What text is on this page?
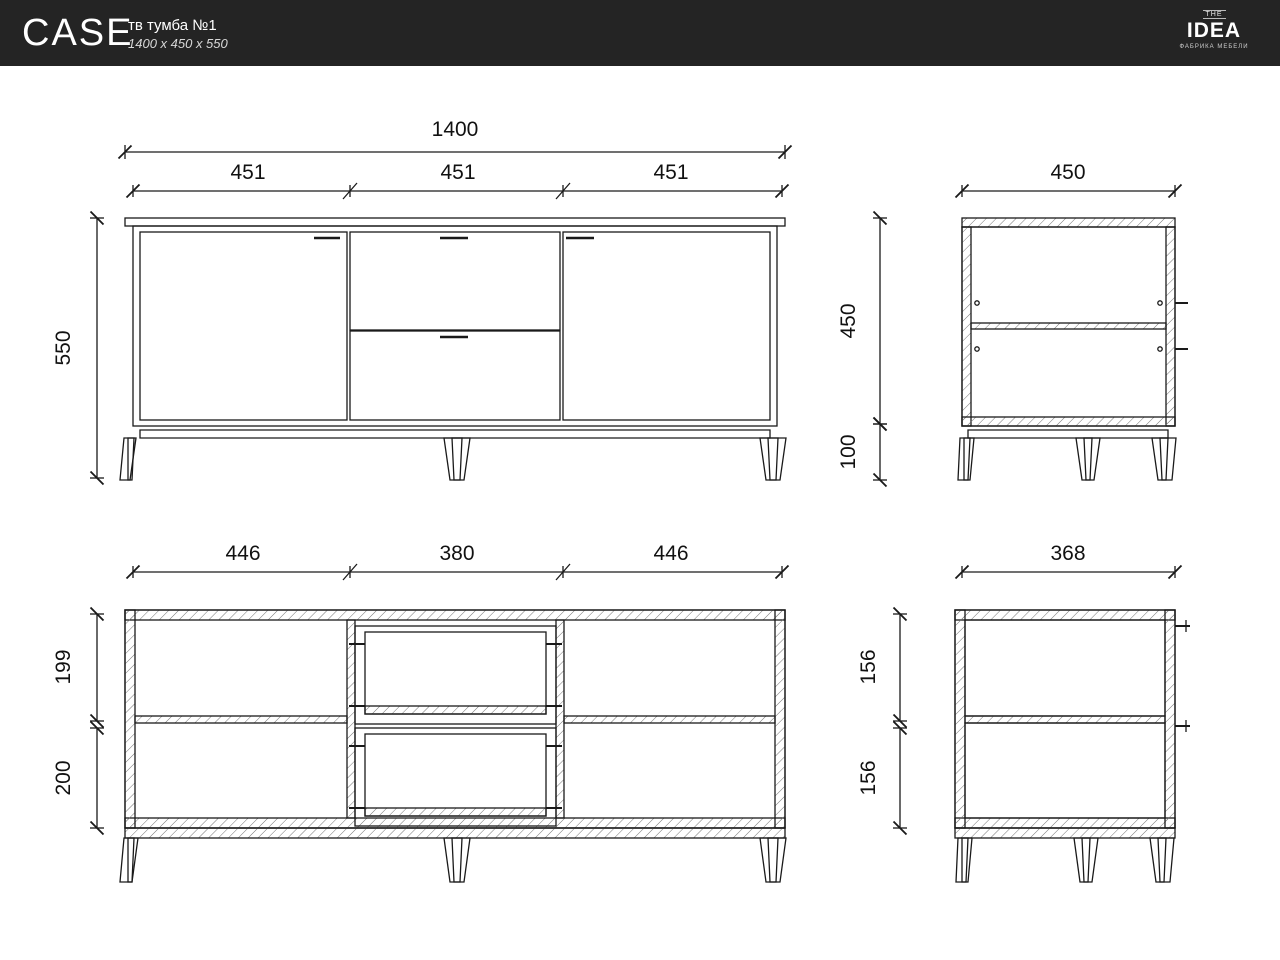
CASE
тв тумба №1
1400 x 450 x 550
THE
IDEA
ФАБРИКА МЕБЕЛИ
1400
451	451	451
550
450
450
100
446	380	446
199
200
368
156
156
